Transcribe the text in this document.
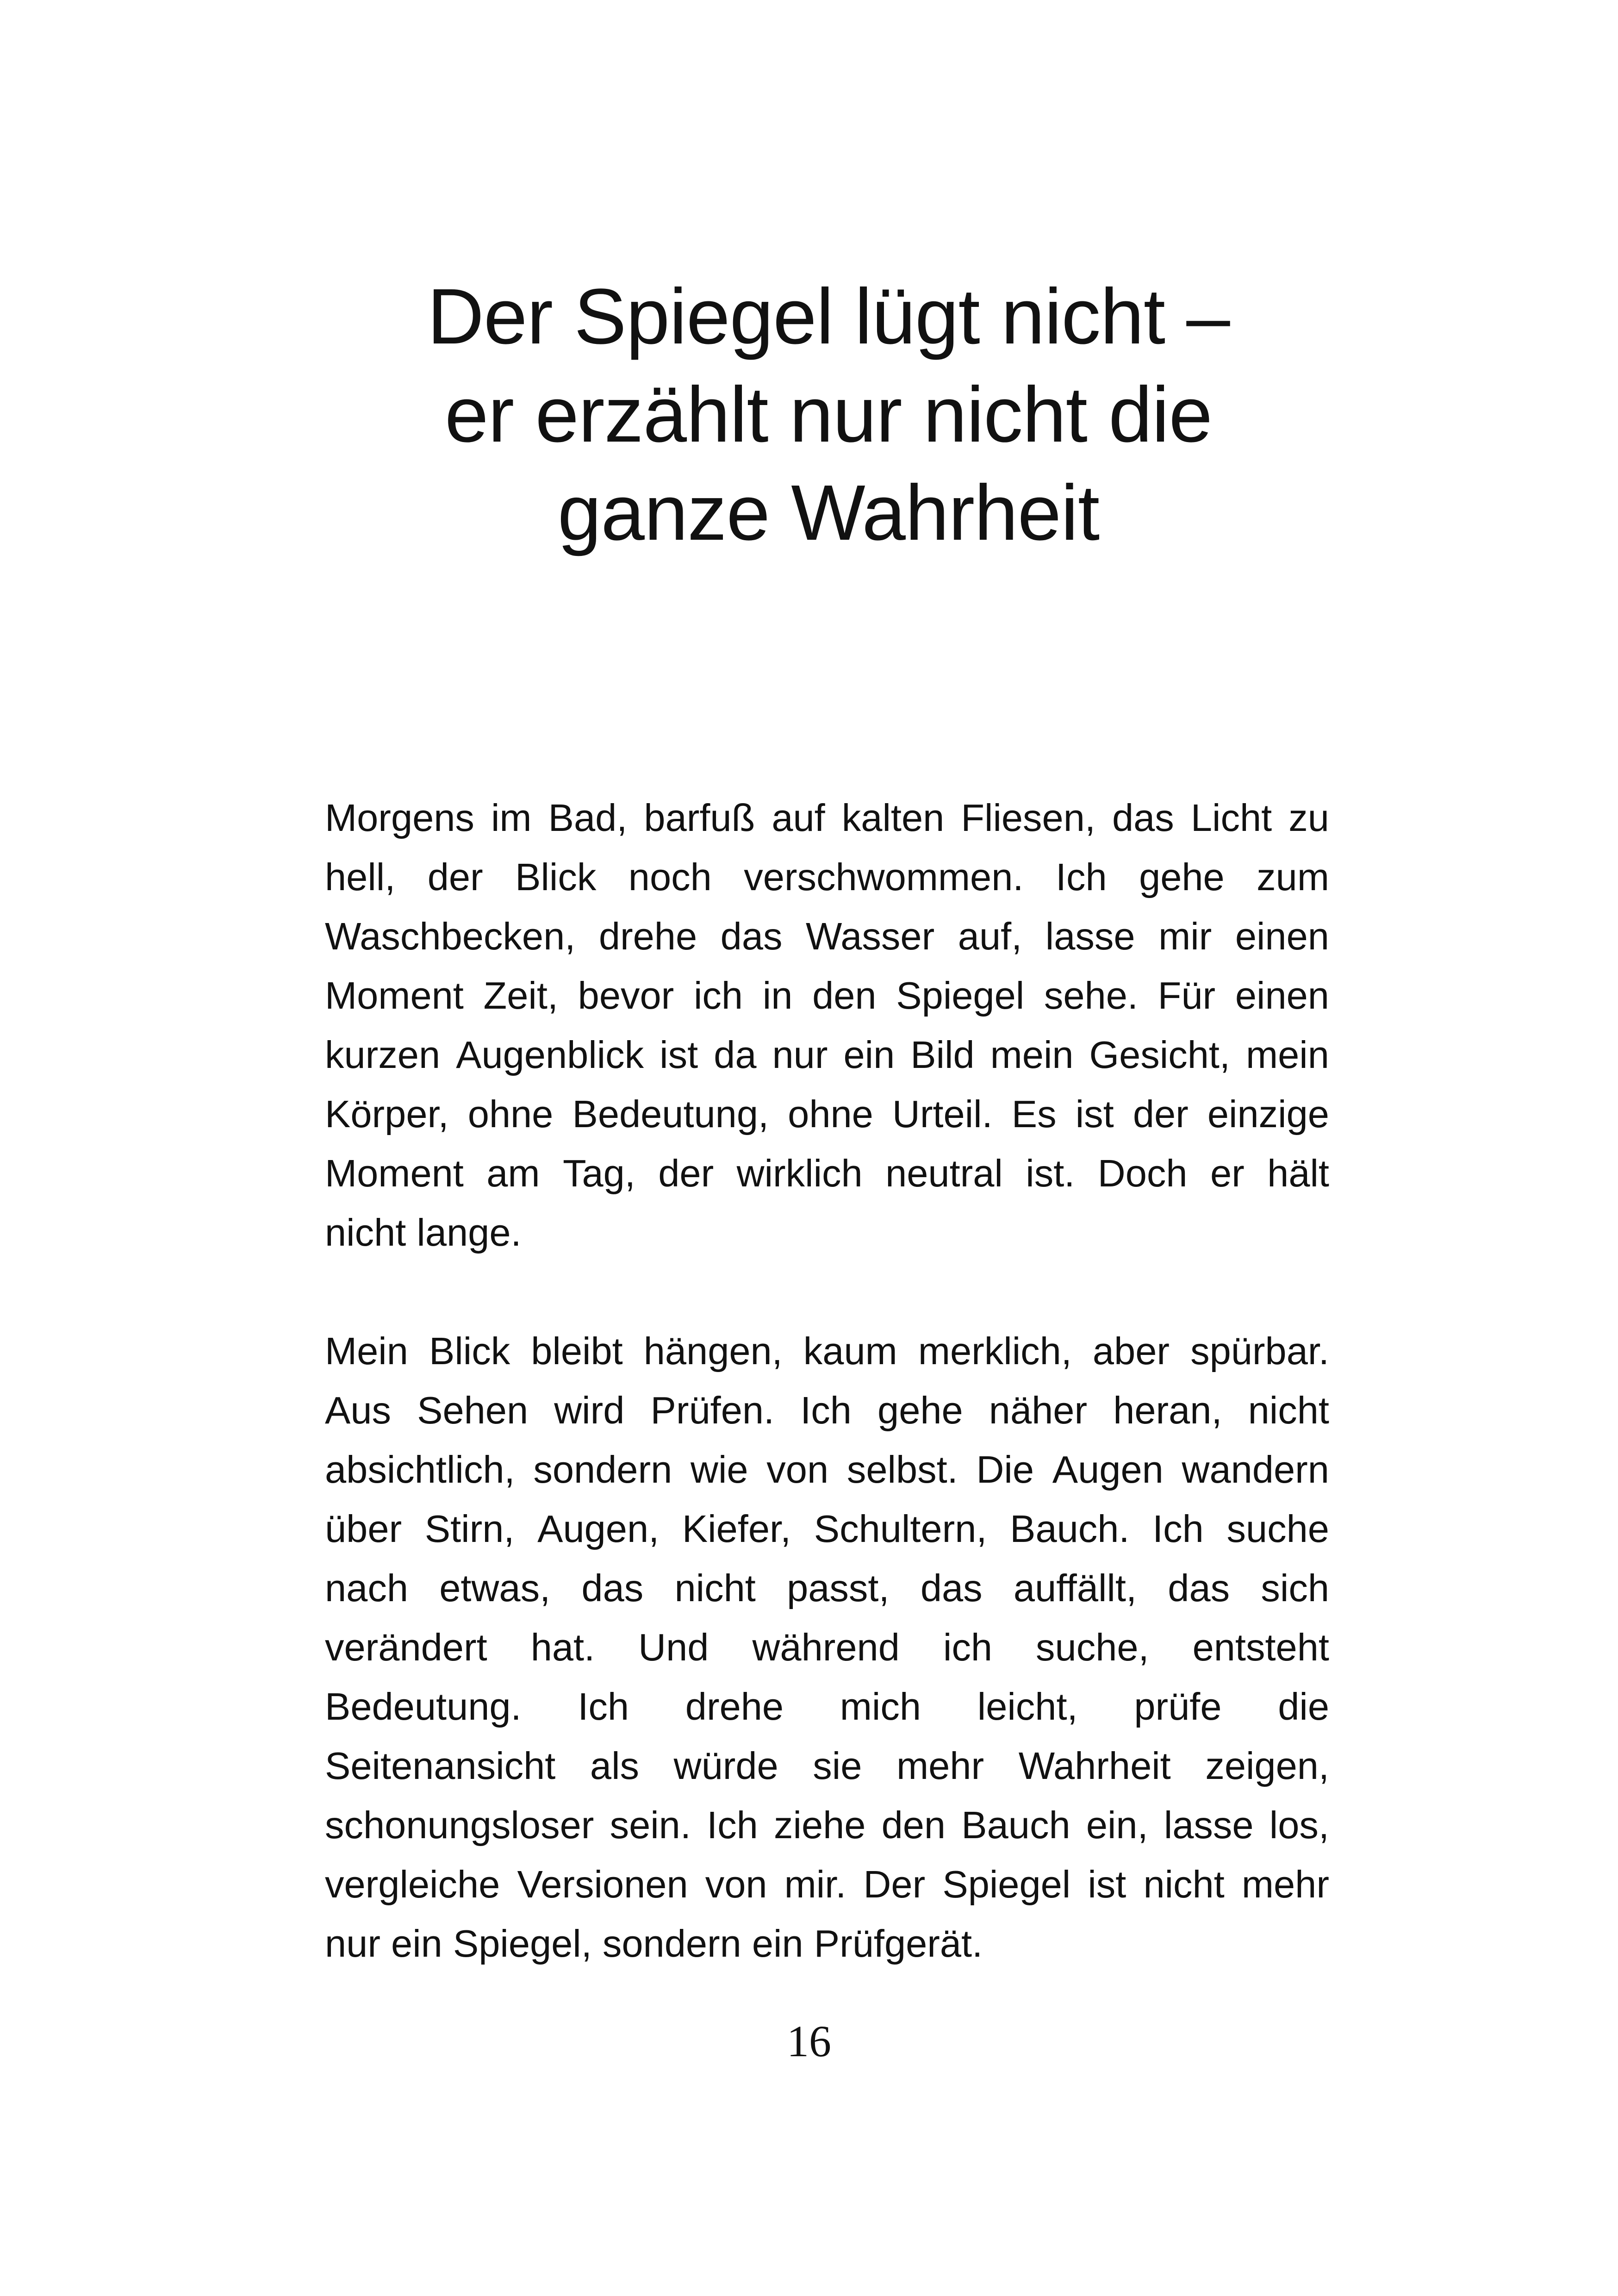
Der Spiegel lügt nicht –
er erzählt nur nicht die
ganze Wahrheit
Morgens im Bad, barfuß auf kalten Fliesen, das Licht zu
hell, der Blick noch verschwommen. Ich gehe zum
Waschbecken, drehe das Wasser auf, lasse mir einen
Moment Zeit, bevor ich in den Spiegel sehe. Für einen
kurzen Augenblick ist da nur ein Bild mein Gesicht, mein
Körper, ohne Bedeutung, ohne Urteil. Es ist der einzige
Moment am Tag, der wirklich neutral ist. Doch er hält
nicht
lange.

Mein Blick bleibt hängen, kaum merklich, aber spürbar.
Aus Sehen wird Prüfen. Ich gehe näher heran, nicht
absichtlich, sondern wie von selbst. Die Augen wandern
über Stirn, Augen, Kiefer, Schultern, Bauch. Ich suche
nach etwas, das nicht passt, das auffällt, das sich
verändert hat. Und während ich suche, entsteht
Bedeutung. Ich drehe mich leicht, prüfe die
Seitenansicht als würde sie mehr Wahrheit zeigen,
schonungsloser sein. Ich ziehe den Bauch ein, lasse los,
vergleiche Versionen von mir. Der Spiegel ist nicht mehr
nur
ein
Spiegel,
sondern
ein
Prüfgerät.

16
